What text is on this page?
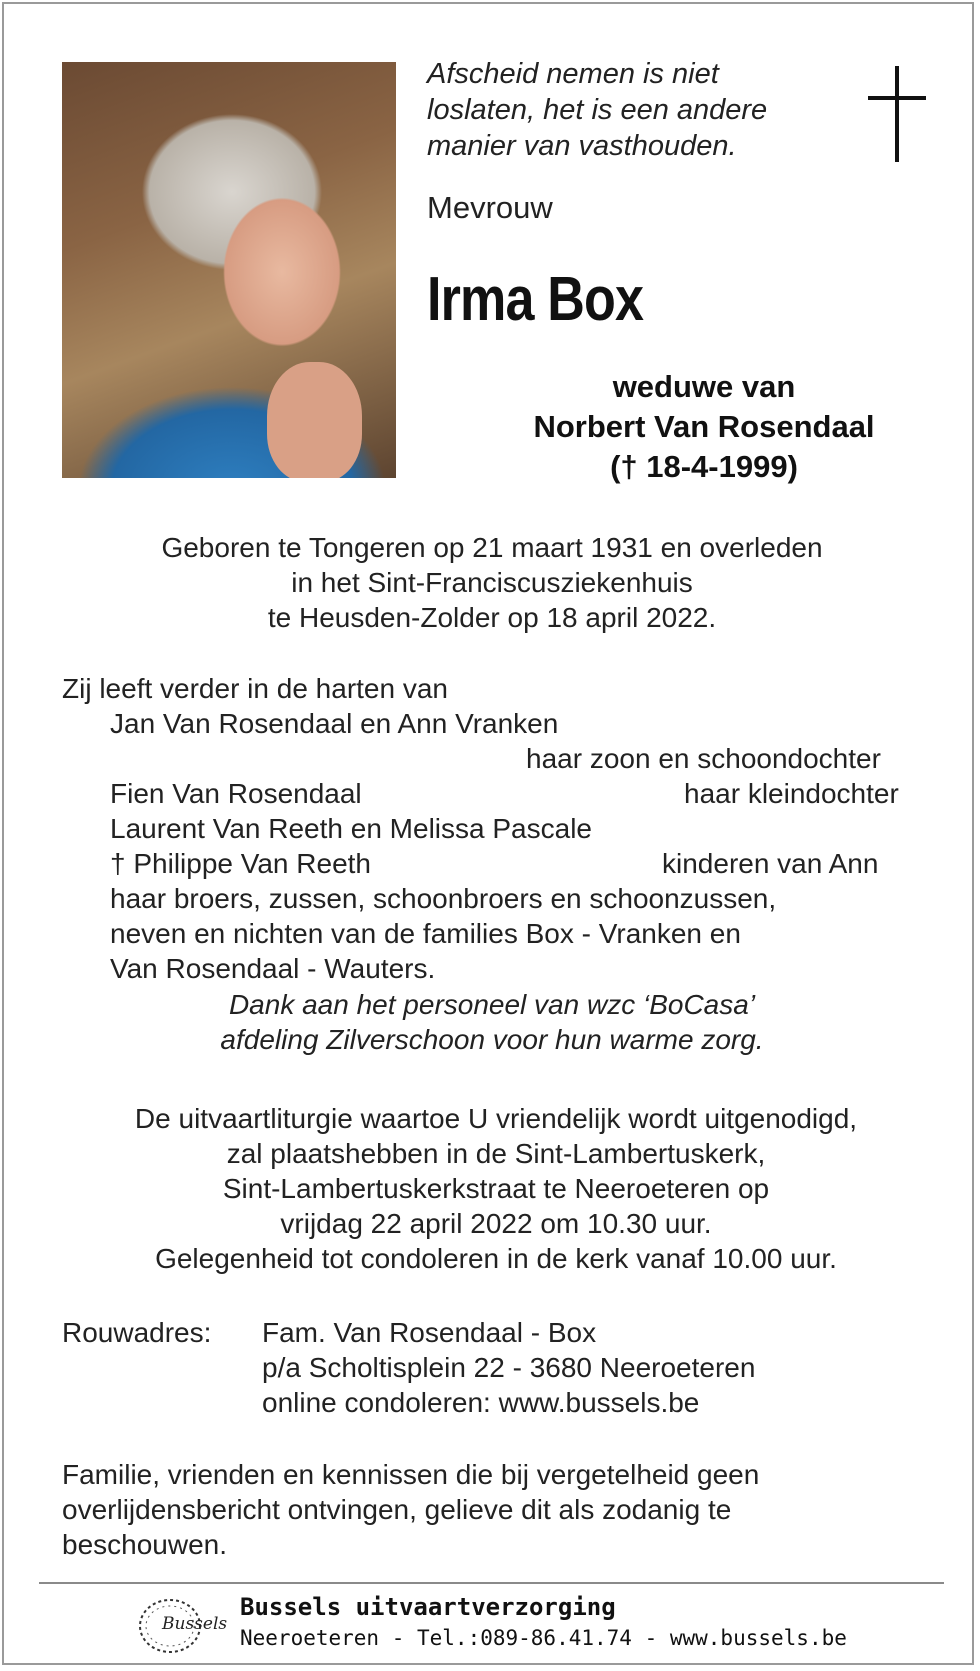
Afscheid nemen is niet
loslaten, het is een andere
manier van vasthouden.
Mevrouw
Irma Box
weduwe van
Norbert Van Rosendaal
(† 18-4-1999)
Geboren te Tongeren op 21 maart 1931 en overleden
in het Sint-Franciscusziekenhuis
te Heusden-Zolder op 18 april 2022.
Zij leeft verder in de harten van
Jan Van Rosendaal en Ann Vranken
haar zoon en schoondochter
Fien Van Rosendaal	haar kleindochter
Laurent Van Reeth en Melissa Pascale
† Philippe Van Reeth	kinderen van Ann
haar broers, zussen, schoonbroers en schoonzussen,
neven en nichten van de families Box - Vranken en
Van Rosendaal - Wauters.
Dank aan het personeel van wzc ‘BoCasa’
afdeling Zilverschoon voor hun warme zorg.
De uitvaartliturgie waartoe U vriendelijk wordt uitgenodigd,
zal plaatshebben in de Sint-Lambertuskerk,
Sint-Lambertuskerkstraat te Neeroeteren op
vrijdag 22 april 2022 om 10.30 uur.
Gelegenheid tot condoleren in de kerk vanaf 10.00 uur.
Rouwadres: Fam. Van Rosendaal - Box
p/a Scholtisplein 22 - 3680 Neeroeteren
online condoleren: www.bussels.be
Familie, vrienden en kennissen die bij vergetelheid geen
overlijdensbericht ontvingen, gelieve dit als zodanig te
beschouwen.
Bussels
Bussels uitvaartverzorging
Neeroeteren - Tel.:089-86.41.74 - www.bussels.be
